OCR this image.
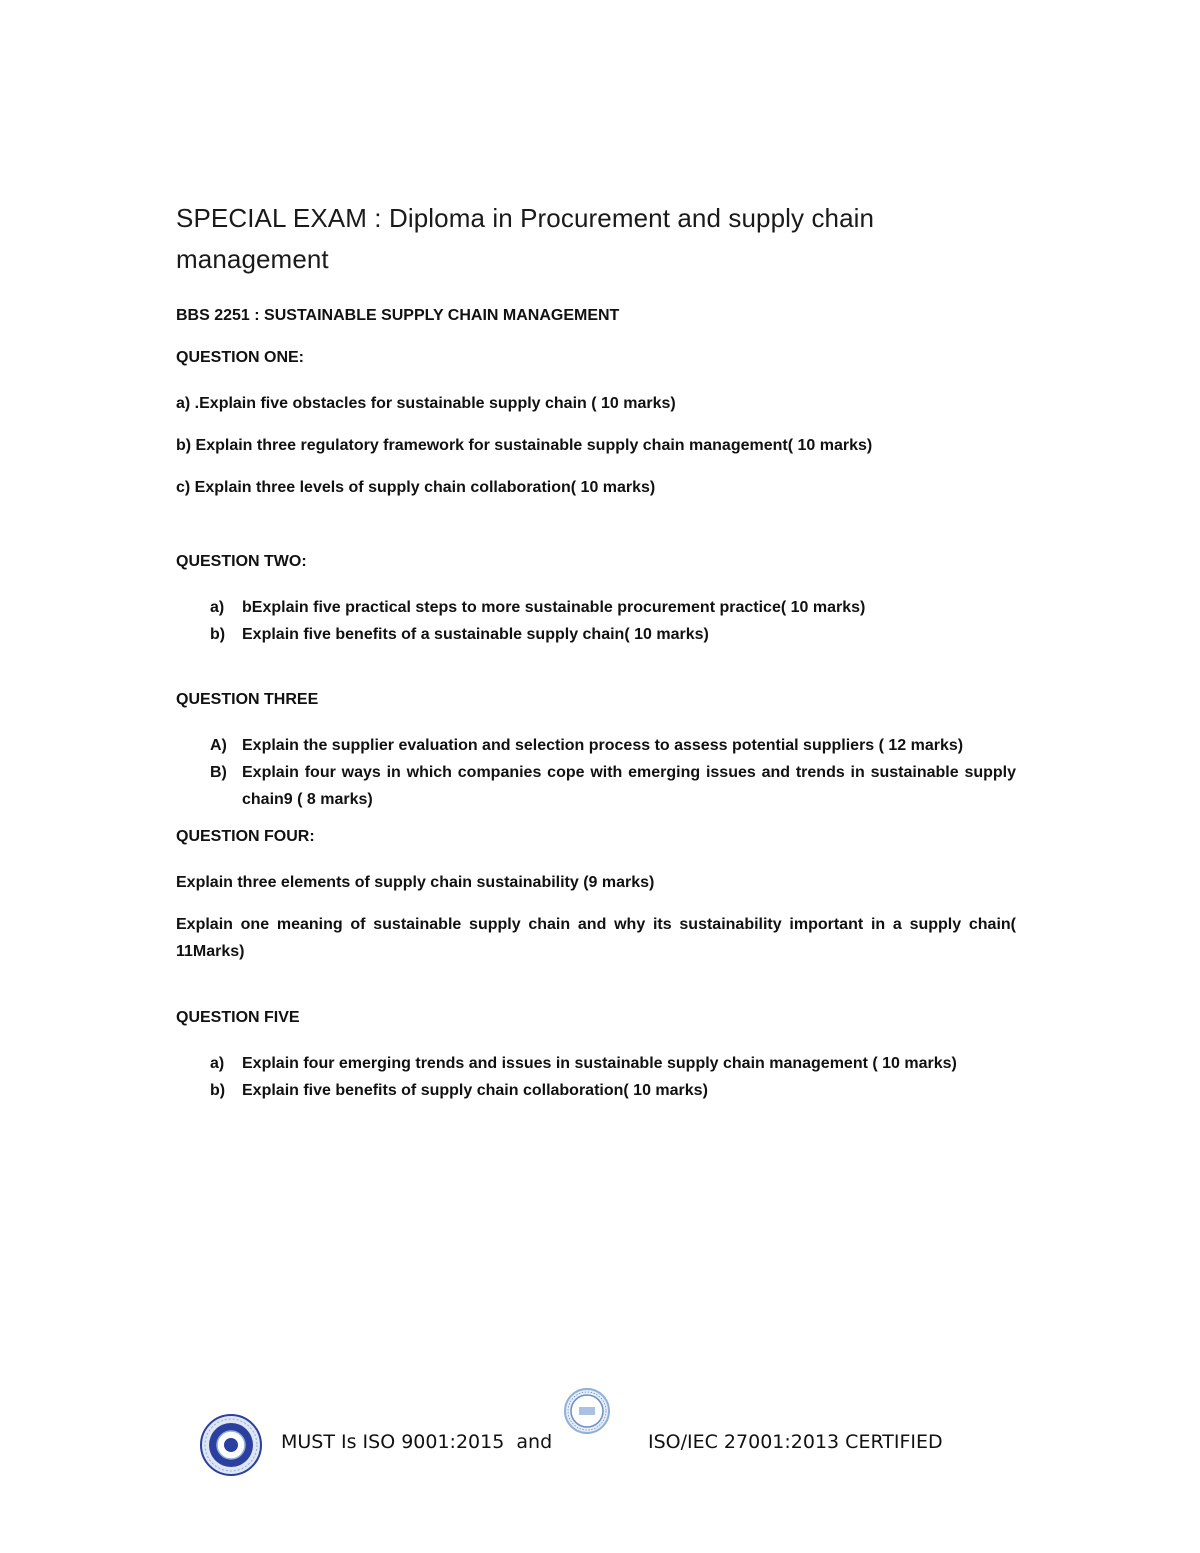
SPECIAL EXAM : Diploma in Procurement and supply chain management
BBS 2251 : SUSTAINABLE SUPPLY CHAIN MANAGEMENT
QUESTION ONE:
a) .Explain five obstacles for sustainable supply chain ( 10 marks)
b) Explain three regulatory framework for sustainable supply chain management( 10 marks)
c) Explain three levels of supply chain collaboration( 10 marks)
QUESTION TWO:
a) bExplain five practical steps to more sustainable procurement practice( 10 marks)
b) Explain five benefits of a sustainable supply chain( 10 marks)
QUESTION THREE
A) Explain the supplier evaluation and selection process to assess potential suppliers ( 12 marks)
B) Explain four ways in which companies cope with emerging issues and trends in sustainable supply chain9 ( 8 marks)
QUESTION FOUR:
Explain three elements of supply chain sustainability (9 marks)
Explain one meaning of sustainable supply chain and why its sustainability important in a supply chain( 11Marks)
QUESTION FIVE
a) Explain four emerging trends and issues in sustainable supply chain management ( 10 marks)
b) Explain five benefits of supply chain collaboration( 10 marks)
MUST Is ISO 9001:2015  and	ISO/IEC 27001:2013 CERTIFIED
